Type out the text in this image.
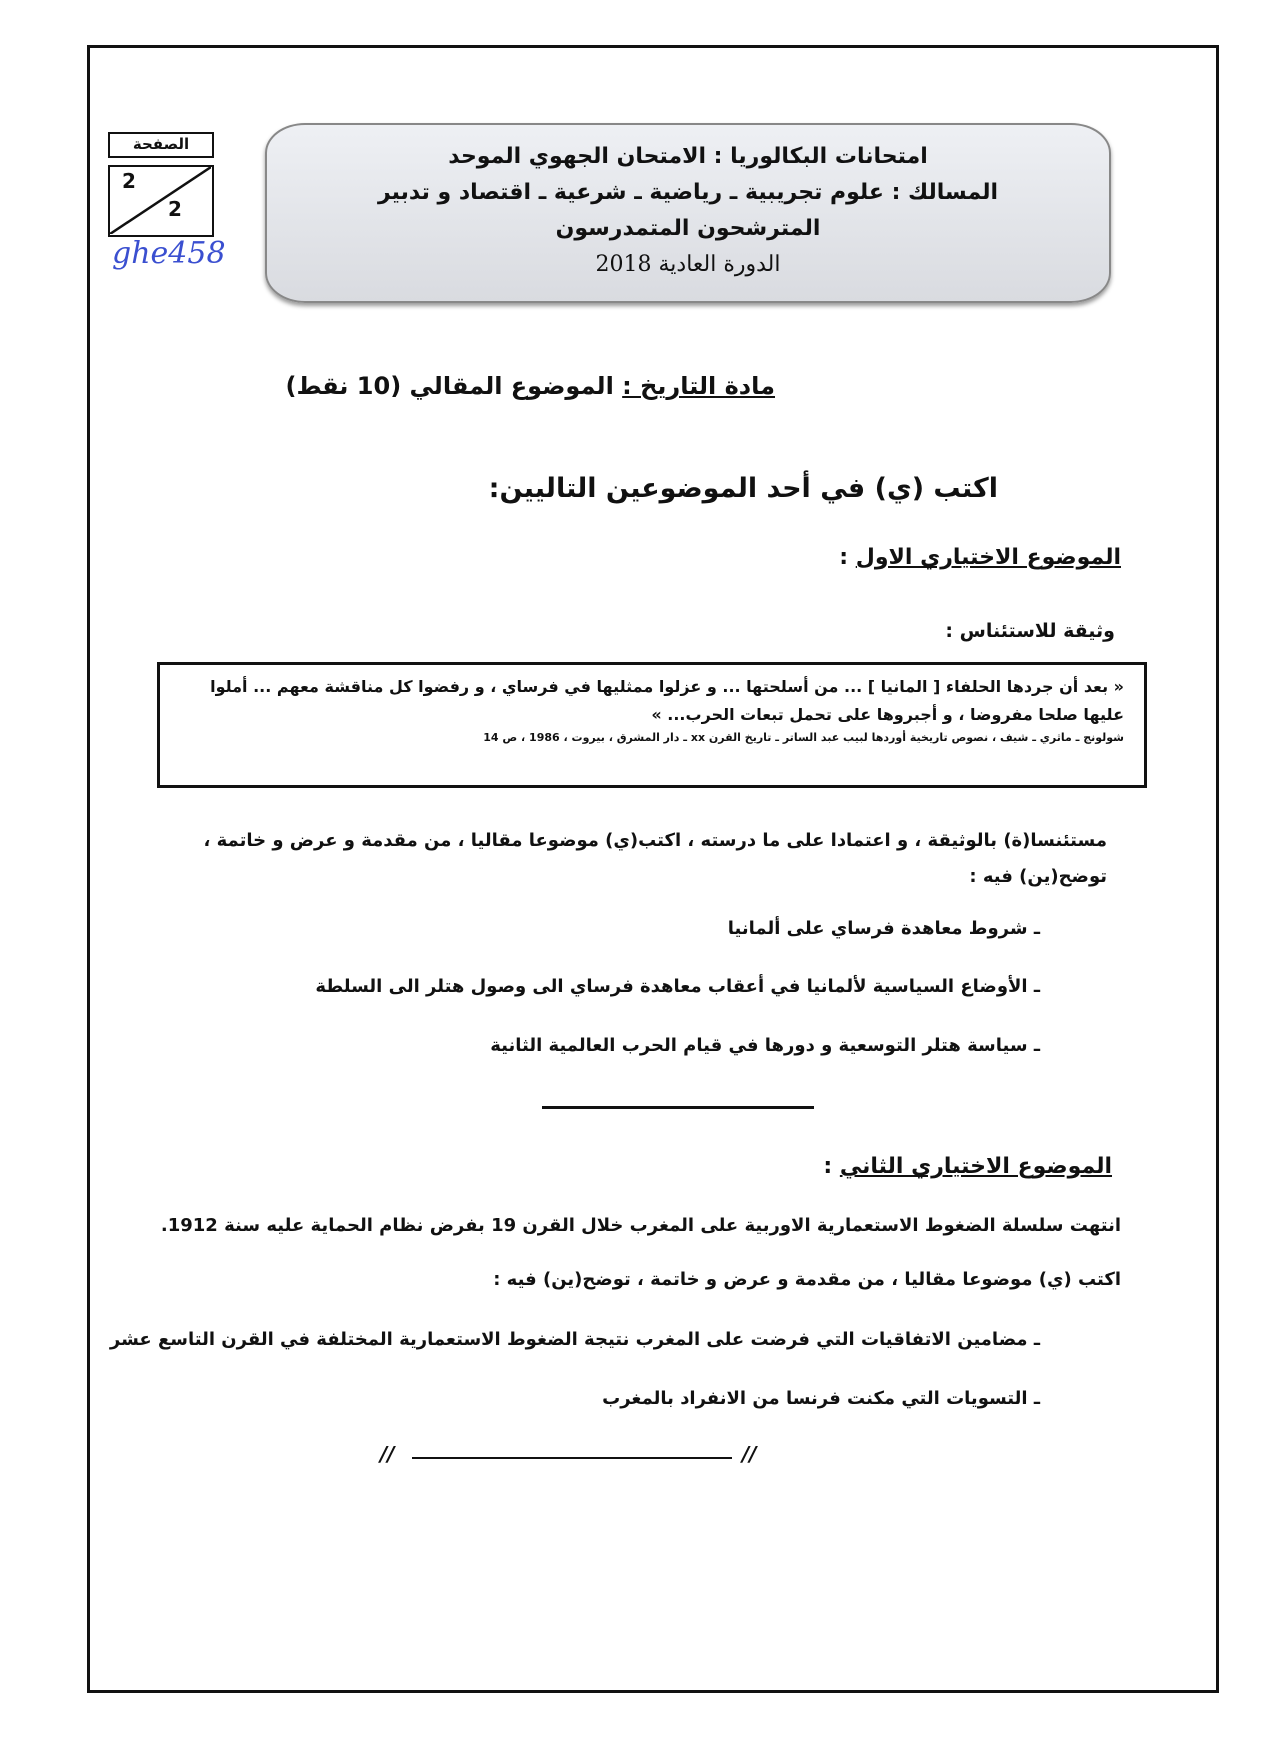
الصفحة
2
2
ghe458
امتحانات البكالوريا : الامتحان الجهوي الموحد
المسالك : علوم تجريبية ـ رياضية ـ شرعية ـ اقتصاد و تدبير
المترشحون المتمدرسون
الدورة العادية 2018
مادة التاريخ : الموضوع المقالي (10 نقط)
اكتب (ي) في أحد الموضوعين التاليين:
الموضوع الاختياري الاول :
وثيقة للاستئناس :
« بعد أن جردها الحلفاء [ المانيا ] ... من أسلحتها ... و عزلوا ممثليها في فرساي ، و رفضوا كل مناقشة معهم ... أملوا عليها صلحا مفروضا ، و أجبروها على تحمل تبعات الحرب... »
شولونج ـ ماثري ـ شيف ، نصوص تاريخية أوردها لبيب عبد الساتر ـ تاريخ القرن xx ـ دار المشرق ، بيروت ، 1986 ، ص 14
مستئنسا(ة) بالوثيقة ، و اعتمادا على ما درسته ، اكتب(ي) موضوعا مقاليا ، من مقدمة و عرض و خاتمة ، توضح(ين) فيه :
ـ شروط معاهدة فرساي على ألمانيا
ـ الأوضاع السياسية لألمانيا في أعقاب معاهدة فرساي الى وصول هتلر الى السلطة
ـ سياسة هتلر التوسعية و دورها في قيام الحرب العالمية الثانية
الموضوع الاختياري الثاني :
انتهت سلسلة الضغوط الاستعمارية الاوربية على المغرب خلال القرن 19 بفرض نظام الحماية عليه سنة 1912.
اكتب (ي) موضوعا مقاليا ، من مقدمة و عرض و خاتمة ، توضح(ين) فيه :
ـ مضامين الاتفاقيات التي فرضت على المغرب نتيجة الضغوط الاستعمارية المختلفة في القرن التاسع عشر
ـ التسويات التي مكنت فرنسا من الانفراد بالمغرب
//	//
